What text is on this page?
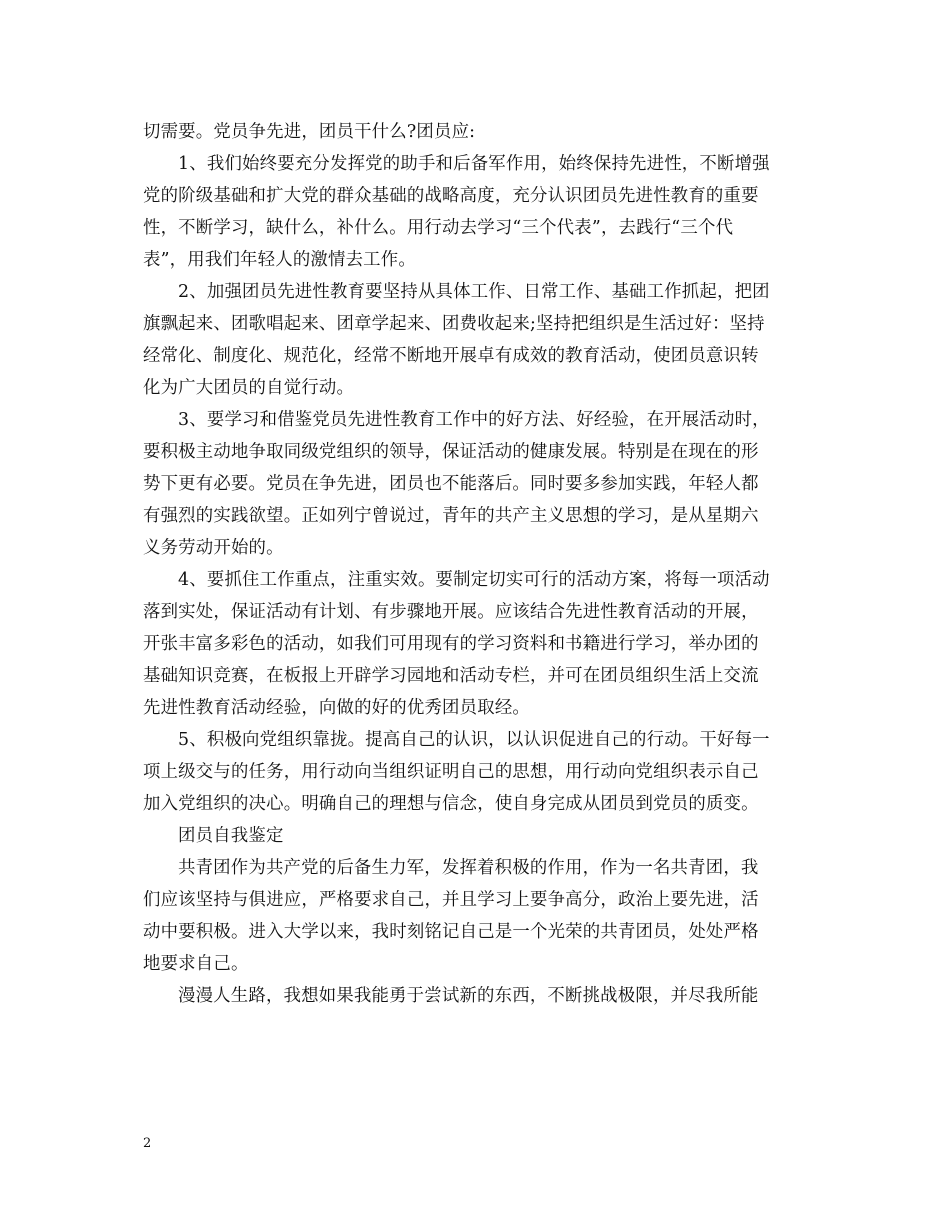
切需要。党员争先进，团员干什么?团员应:
1、我们始终要充分发挥党的助手和后备军作用，始终保持先进性，不断增强
党的阶级基础和扩大党的群众基础的战略高度，充分认识团员先进性教育的重要
性，不断学习，缺什么，补什么。用行动去学习“三个代表”，去践行“三个代
表”，用我们年轻人的激情去工作。
2、加强团员先进性教育要坚持从具体工作、日常工作、基础工作抓起，把团
旗飘起来、团歌唱起来、团章学起来、团费收起来;坚持把组织是生活过好：坚持
经常化、制度化、规范化，经常不断地开展卓有成效的教育活动，使团员意识转
化为广大团员的自觉行动。
3、要学习和借鉴党员先进性教育工作中的好方法、好经验，在开展活动时，
要积极主动地争取同级党组织的领导，保证活动的健康发展。特别是在现在的形
势下更有必要。党员在争先进，团员也不能落后。同时要多参加实践，年轻人都
有强烈的实践欲望。正如列宁曾说过，青年的共产主义思想的学习，是从星期六
义务劳动开始的。
4、要抓住工作重点，注重实效。要制定切实可行的活动方案，将每一项活动
落到实处，保证活动有计划、有步骤地开展。应该结合先进性教育活动的开展，
开张丰富多彩色的活动，如我们可用现有的学习资料和书籍进行学习，举办团的
基础知识竞赛，在板报上开辟学习园地和活动专栏，并可在团员组织生活上交流
先进性教育活动经验，向做的好的优秀团员取经。
5、积极向党组织靠拢。提高自己的认识，以认识促进自己的行动。干好每一
项上级交与的任务，用行动向当组织证明自己的思想，用行动向党组织表示自己
加入党组织的决心。明确自己的理想与信念，使自身完成从团员到党员的质变。
团员自我鉴定
共青团作为共产党的后备生力军，发挥着积极的作用，作为一名共青团，我
们应该坚持与俱进应，严格要求自己，并且学习上要争高分，政治上要先进，活
动中要积极。进入大学以来，我时刻铭记自己是一个光荣的共青团员，处处严格
地要求自己。
漫漫人生路，我想如果我能勇于尝试新的东西，不断挑战极限，并尽我所能
2
